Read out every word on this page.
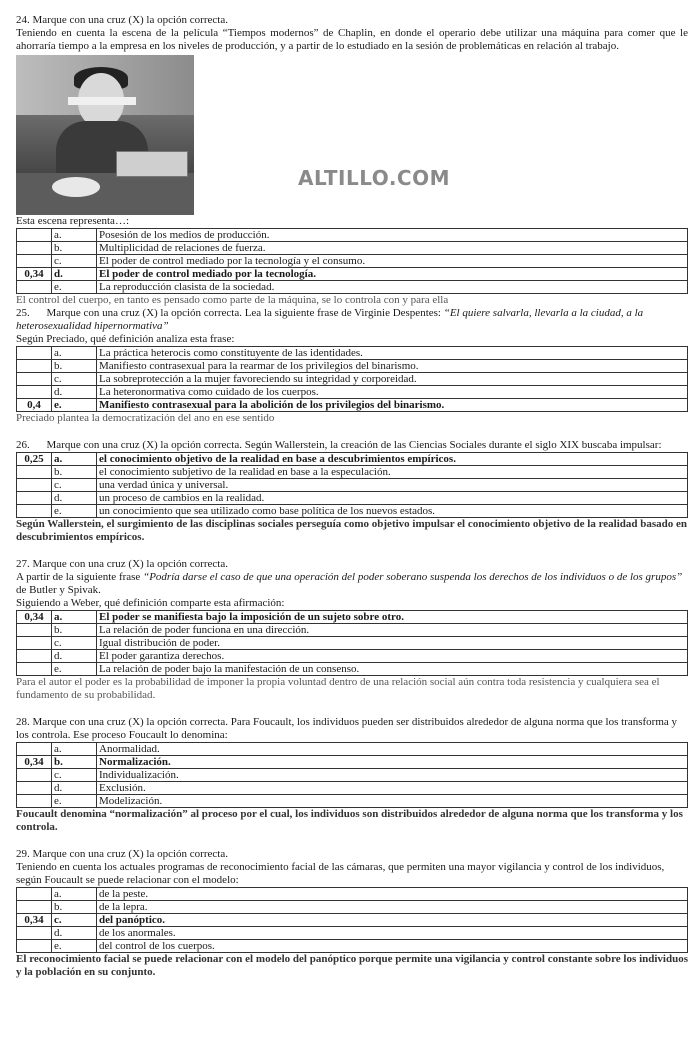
24. Marque con una cruz (X) la opción correcta.

Teniendo en cuenta la escena de la película “Tiempos modernos” de Chaplin, en donde el operario debe utilizar una máquina para comer que le ahorraría tiempo a la empresa en los niveles de producción, y a partir de lo estudiado en la sesión de problemáticas en relación al trabajo.

Esta escena representa…:

	a.	Posesión de los medios de producción.
	b.	Multiplicidad de relaciones de fuerza.
	c.	El poder de control mediado por la tecnología y el consumo.
0,34	d.	El poder de control mediado por la tecnología.
	e.	La reproducción clasista de la sociedad.

El control del cuerpo, en tanto es pensado como parte de la máquina, se lo controla con y para ella

25. Marque con una cruz (X) la opción correcta. Lea la siguiente frase de Virginie Despentes: “El quiere salvarla, llevarla a la ciudad, a la heterosexualidad hipernormativa”

Según Preciado, qué definición analiza esta frase:

	a.	La práctica heterocis como constituyente de las identidades.
	b.	Manifiesto contrasexual para la rearmar de los privilegios del binarismo.
	c.	La sobreprotección a la mujer favoreciendo su integridad y corporeidad.
	d.	La heteronormativa como cuidado de los cuerpos.
0,4	e.	Manifiesto contrasexual para la abolición de los privilegios del binarismo.

Preciado plantea la democratización del ano en ese sentido

26. Marque con una cruz (X) la opción correcta. Según Wallerstein, la creación de las Ciencias Sociales durante el siglo XIX buscaba impulsar:

0,25	a.	el conocimiento objetivo de la realidad en base a descubrimientos empíricos.
	b.	el conocimiento subjetivo de la realidad en base a la especulación.
	c.	una verdad única y universal.
	d.	un proceso de cambios en la realidad.
	e.	un conocimiento que sea utilizado como base política de los nuevos estados.

Según Wallerstein, el surgimiento de las disciplinas sociales perseguía como objetivo impulsar el conocimiento objetivo de la realidad basado en descubrimientos empíricos.

27. Marque con una cruz (X) la opción correcta.

A partir de la siguiente frase “Podría darse el caso de que una operación del poder soberano suspenda los derechos de los individuos o de los grupos” de Butler y Spivak.

Siguiendo a Weber, qué definición comparte esta afirmación:

0,34	a.	El poder se manifiesta bajo la imposición de un sujeto sobre otro.
	b.	La relación de poder funciona en una dirección.
	c.	Igual distribución de poder.
	d.	El poder garantiza derechos.
	e.	La relación de poder bajo la manifestación de un consenso.

Para el autor el poder es la probabilidad de imponer la propia voluntad dentro de una relación social aún contra toda resistencia y cualquiera sea el fundamento de su probabilidad.

28. Marque con una cruz (X) la opción correcta. Para Foucault, los individuos pueden ser distribuidos alrededor de alguna norma que los transforma y los controla. Ese proceso Foucault lo denomina:

	a.	Anormalidad.
0,34	b.	Normalización.
	c.	Individualización.
	d.	Exclusión.
	e.	Modelización.

Foucault denomina “normalización” al proceso por el cual, los individuos son distribuidos alrededor de alguna norma que los transforma y los controla.

29. Marque con una cruz (X) la opción correcta.

Teniendo en cuenta los actuales programas de reconocimiento facial de las cámaras, que permiten una mayor vigilancia y control de los individuos, según Foucault se puede relacionar con el modelo:

	a.	de la peste.
	b.	de la lepra.
0,34	c.	del panóptico.
	d.	de los anormales.
	e.	del control de los cuerpos.

El reconocimiento facial se puede relacionar con el modelo del panóptico porque permite una vigilancia y control constante sobre los individuos y la población en su conjunto.

ALTILLO.COM
